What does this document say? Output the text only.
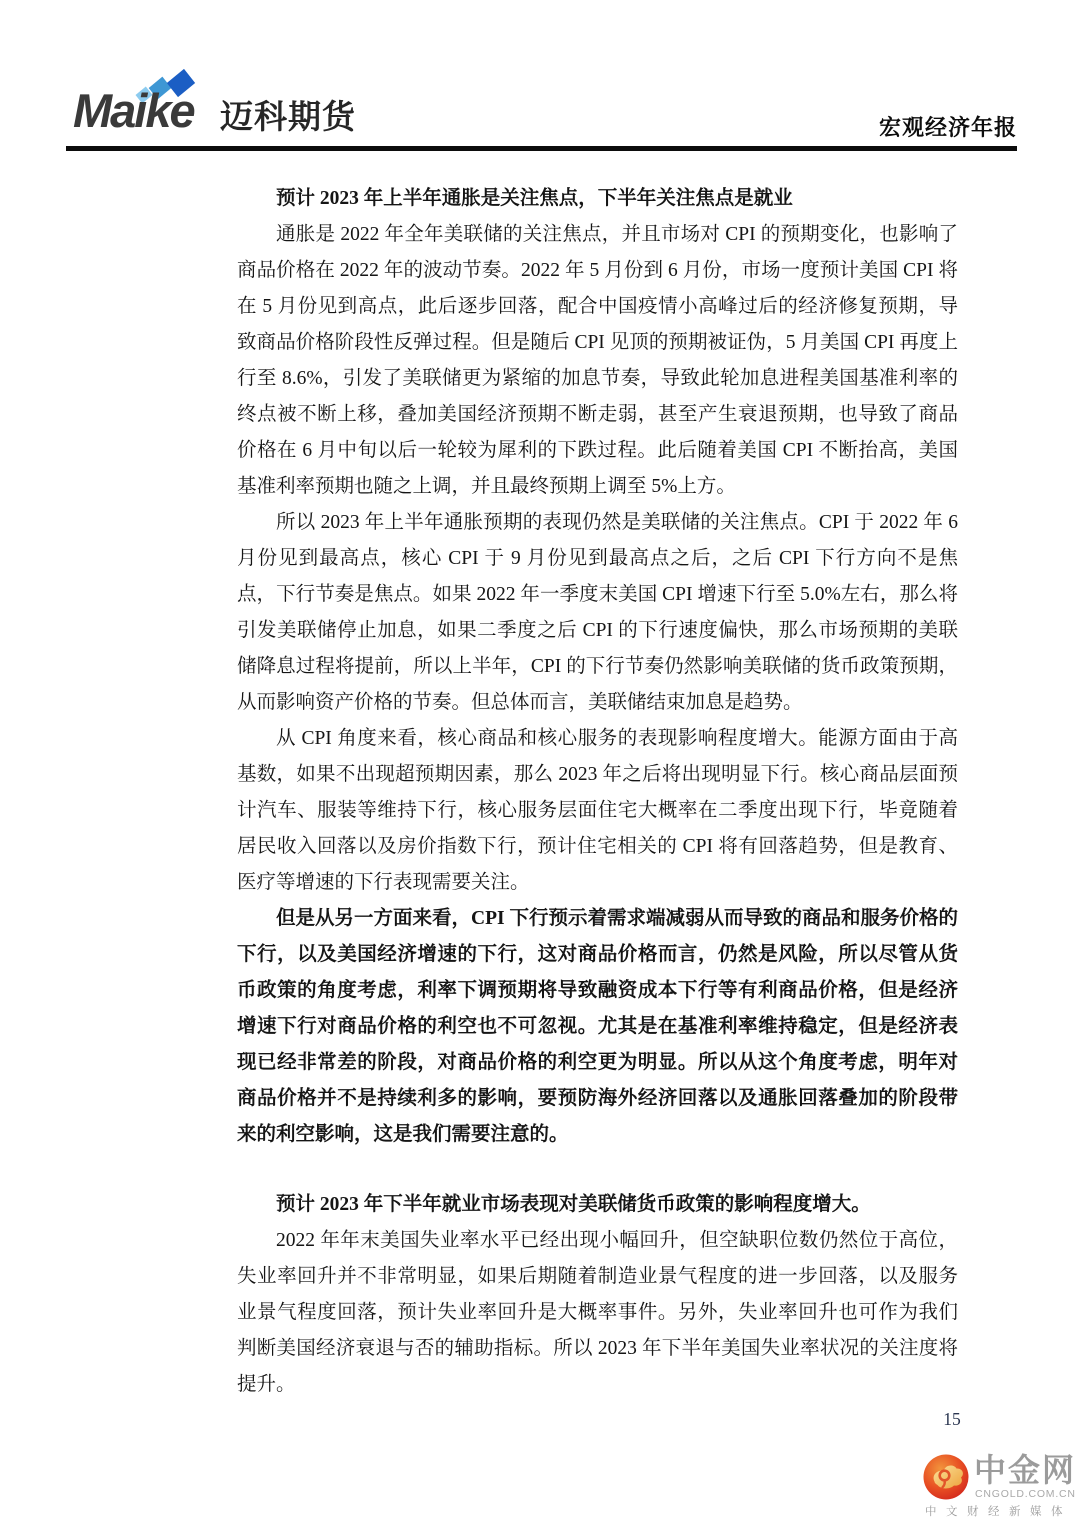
Maike 迈科期货	宏观经济年报

预计 2023 年上半年通胀是关注焦点，下半年关注焦点是就业

通胀是 2022 年全年美联储的关注焦点，并且市场对 CPI 的预期变化，也影响了商品价格在 2022 年的波动节奏。2022 年 5 月份到 6 月份，市场一度预计美国 CPI 将在 5 月份见到高点，此后逐步回落，配合中国疫情小高峰过后的经济修复预期，导致商品价格阶段性反弹过程。但是随后 CPI 见顶的预期被证伪，5 月美国 CPI 再度上行至 8.6%，引发了美联储更为紧缩的加息节奏，导致此轮加息进程美国基准利率的终点被不断上移，叠加美国经济预期不断走弱，甚至产生衰退预期，也导致了商品价格在 6 月中旬以后一轮较为犀利的下跌过程。此后随着美国 CPI 不断抬高，美国基准利率预期也随之上调，并且最终预期上调至 5%上方。

所以 2023 年上半年通胀预期的表现仍然是美联储的关注焦点。CPI 于 2022 年 6 月份见到最高点，核心 CPI 于 9 月份见到最高点之后，之后 CPI 下行方向不是焦点，下行节奏是焦点。如果 2022 年一季度末美国 CPI 增速下行至 5.0%左右，那么将引发美联储停止加息，如果二季度之后 CPI 的下行速度偏快，那么市场预期的美联储降息过程将提前，所以上半年，CPI 的下行节奏仍然影响美联储的货币政策预期，从而影响资产价格的节奏。但总体而言，美联储结束加息是趋势。

从 CPI 角度来看，核心商品和核心服务的表现影响程度增大。能源方面由于高基数，如果不出现超预期因素，那么 2023 年之后将出现明显下行。核心商品层面预计汽车、服装等维持下行，核心服务层面住宅大概率在二季度出现下行，毕竟随着居民收入回落以及房价指数下行，预计住宅相关的 CPI 将有回落趋势，但是教育、医疗等增速的下行表现需要关注。

但是从另一方面来看，CPI 下行预示着需求端减弱从而导致的商品和服务价格的下行，以及美国经济增速的下行，这对商品价格而言，仍然是风险，所以尽管从货币政策的角度考虑，利率下调预期将导致融资成本下行等有利商品价格，但是经济增速下行对商品价格的利空也不可忽视。尤其是在基准利率维持稳定，但是经济表现已经非常差的阶段，对商品价格的利空更为明显。所以从这个角度考虑，明年对商品价格并不是持续利多的影响，要预防海外经济回落以及通胀回落叠加的阶段带来的利空影响，这是我们需要注意的。

预计 2023 年下半年就业市场表现对美联储货币政策的影响程度增大。

2022 年年末美国失业率水平已经出现小幅回升，但空缺职位数仍然位于高位，失业率回升并不非常明显，如果后期随着制造业景气程度的进一步回落，以及服务业景气程度回落，预计失业率回升是大概率事件。另外，失业率回升也可作为我们判断美国经济衰退与否的辅助指标。所以 2023 年下半年美国失业率状况的关注度将提升。

15
中金网
CNGOLD.COM.CN
中文财经新媒体
